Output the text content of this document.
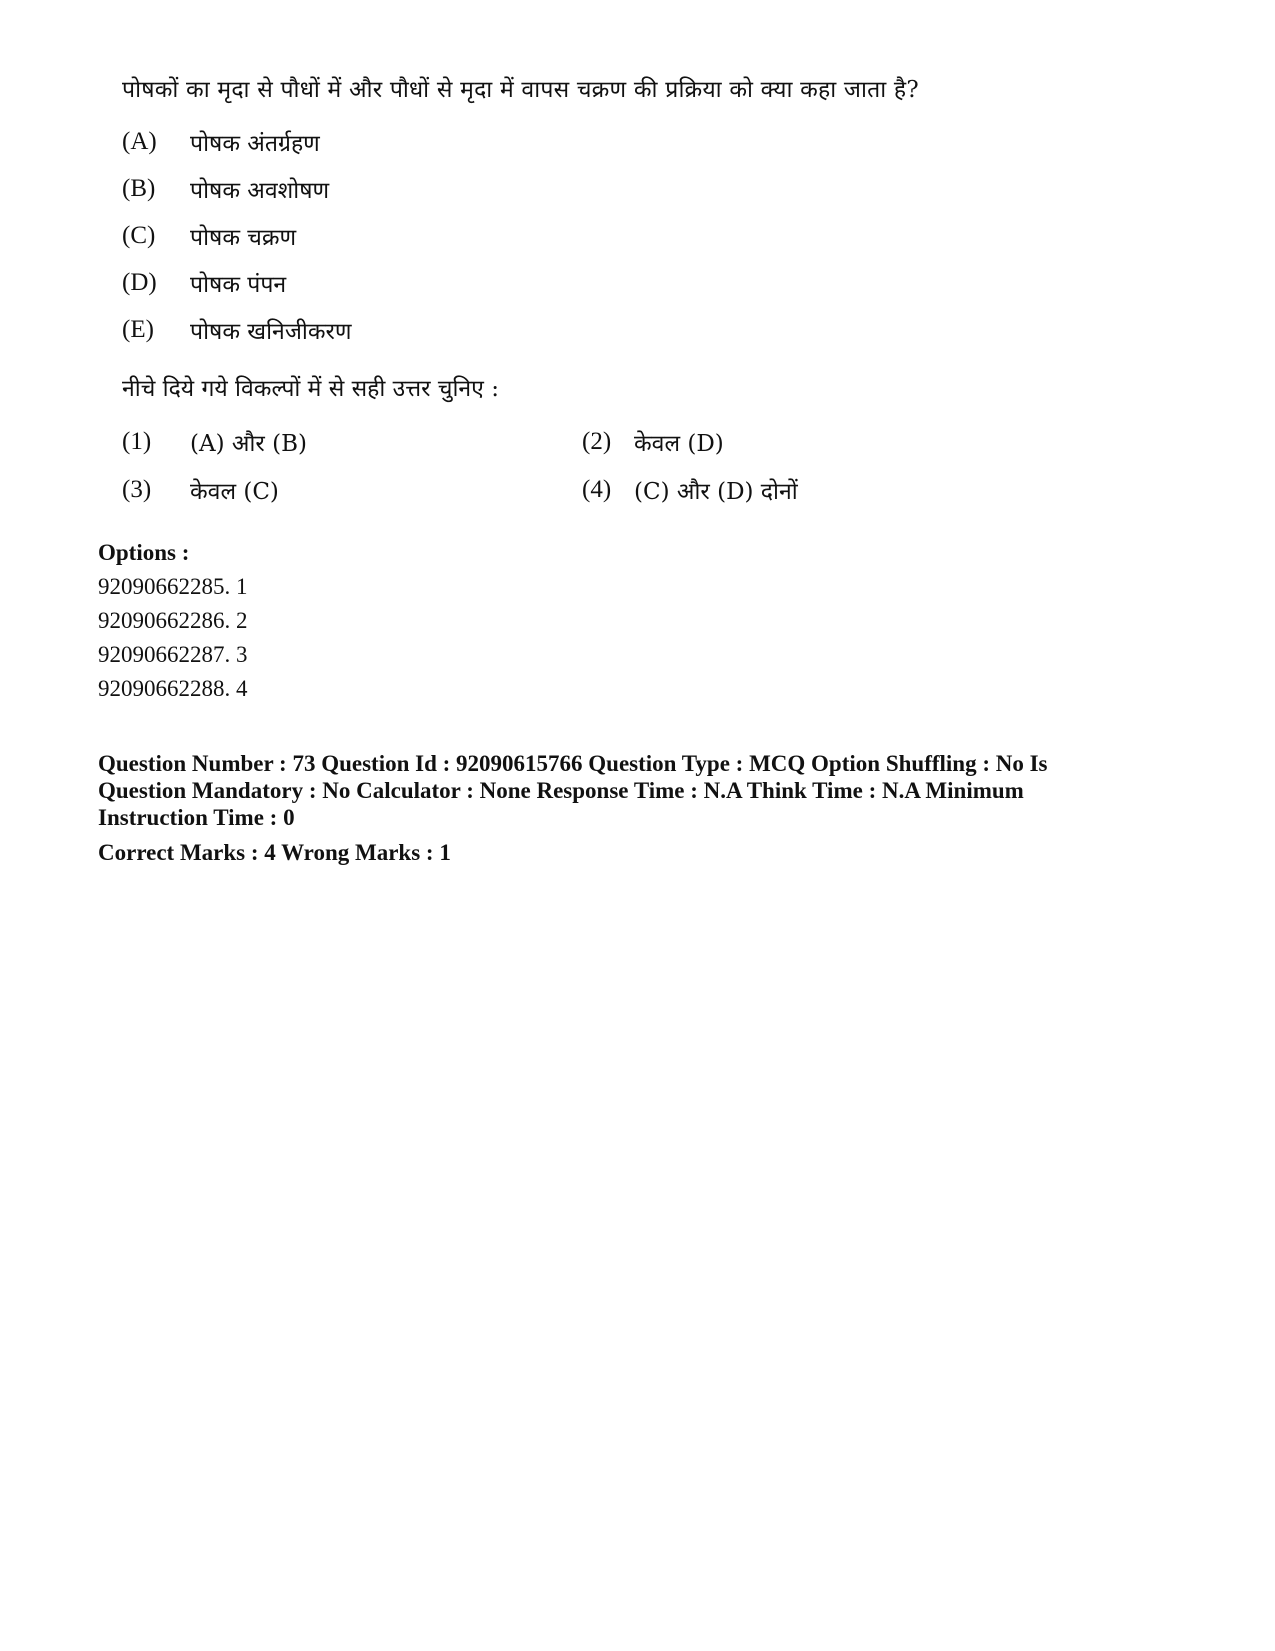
पोषकों का मृदा से पौधों में और पौधों से मृदा में वापस चक्रण की प्रक्रिया को क्या कहा जाता है?

(A)	पोषक अंतर्ग्रहण
(B)	पोषक अवशोषण
(C)	पोषक चक्रण
(D)	पोषक पंपन
(E)	पोषक खनिजीकरण
नीचे दिये गये विकल्पों में से सही उत्तर चुनिए :
(1)	(A) और (B)	(2) केवल (D)
(3)	केवल (C)	(4) (C) और (D) दोनों
Options :
92090662285. 1
92090662286. 2
92090662287. 3
92090662288. 4

Question Number : 73 Question Id : 92090615766 Question Type : MCQ Option Shuffling : No Is

Question Mandatory : No Calculator : None Response Time : N.A Think Time : N.A Minimum

Instruction Time : 0

Correct Marks : 4 Wrong Marks : 1
